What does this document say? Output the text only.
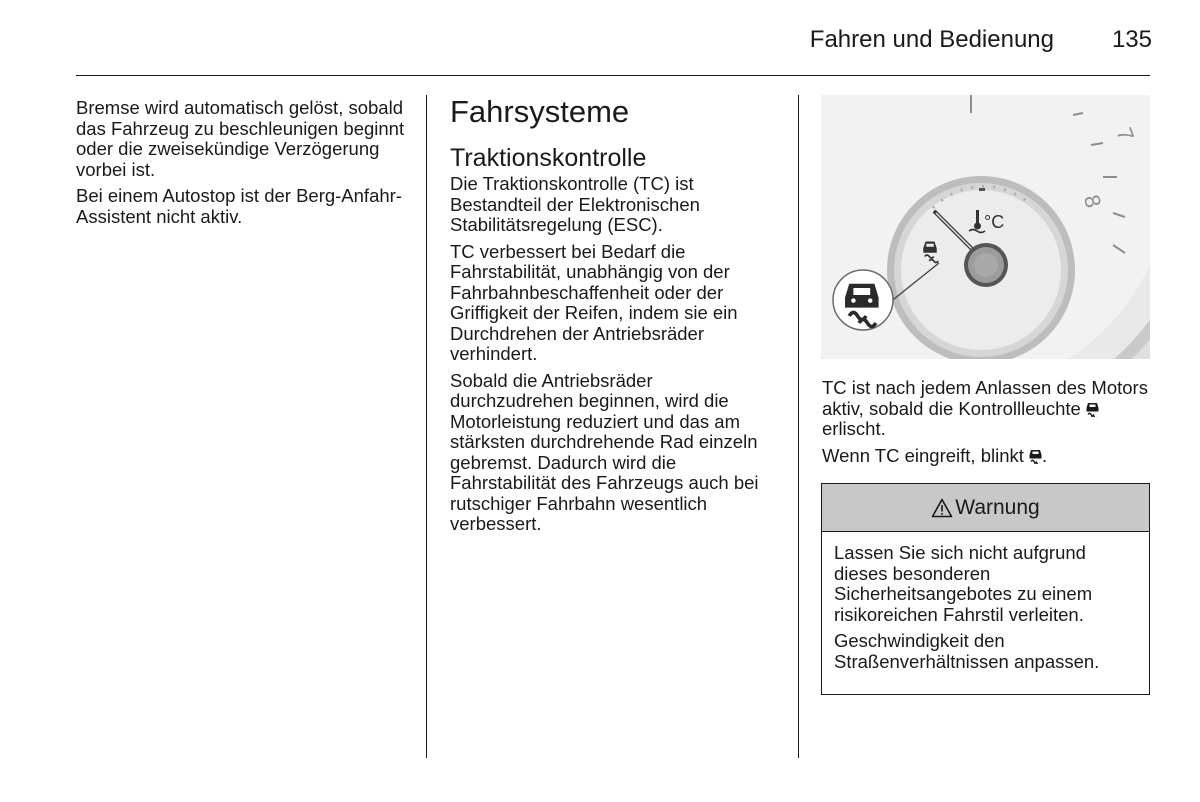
Fahren und Bedienung 135

Bremse wird automatisch gelöst, sobald das Fahrzeug zu beschleunigen beginnt oder die zweisekündige Verzögerung vorbei ist.

Bei einem Autostop ist der Berg-Anfahr-Assistent nicht aktiv.

Fahrsysteme
Traktionskontrolle

Die Traktionskontrolle (TC) ist Bestandteil der Elektronischen Stabilitätsregelung (ESC).

TC verbessert bei Bedarf die Fahrstabilität, unabhängig von der Fahrbahnbeschaffenheit oder der Griffigkeit der Reifen, indem sie ein Durchdrehen der Antriebsräder verhindert.

Sobald die Antriebsräder durchzudrehen beginnen, wird die Motorleistung reduziert und das am stärksten durchdrehende Rad einzeln gebremst. Dadurch wird die Fahrstabilität des Fahrzeugs auch bei rutschiger Fahrbahn wesentlich verbessert.

7
8
°C

TC ist nach jedem Anlassen des Motors aktiv, sobald die Kontrollleuchte  erlischt.

Wenn TC eingreift, blinkt .

Warnung

Lassen Sie sich nicht aufgrund dieses besonderen Sicherheitsangebotes zu einem risikoreichen Fahrstil verleiten.

Geschwindigkeit den Straßenverhältnissen anpassen.
